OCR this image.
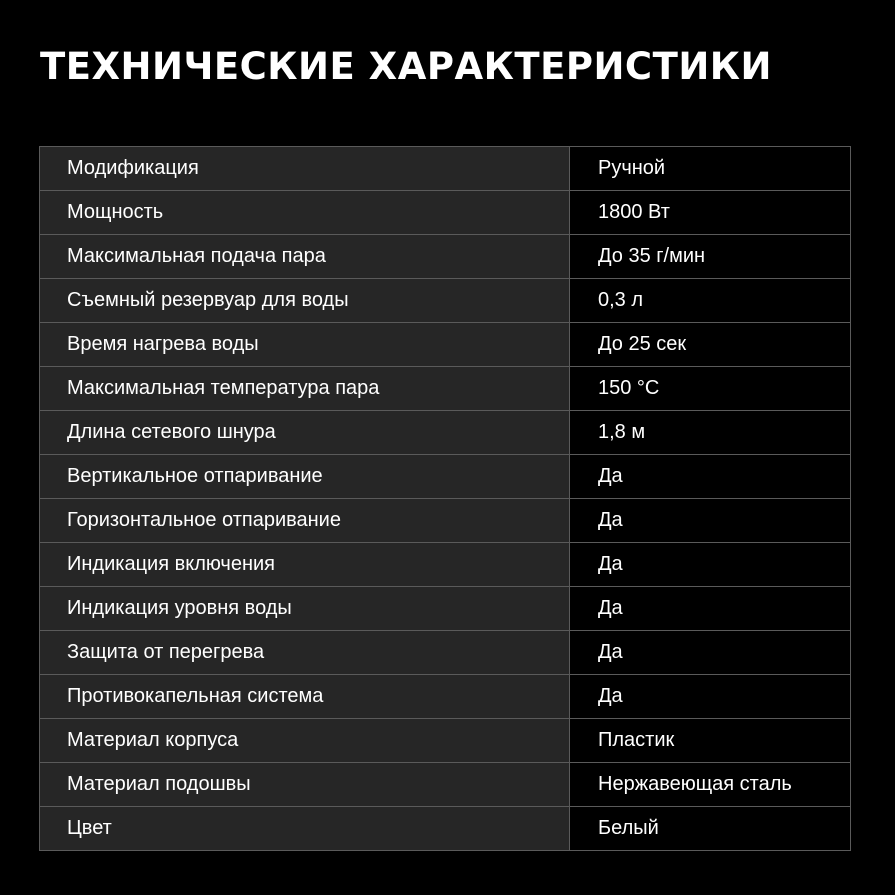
ТЕХНИЧЕСКИЕ ХАРАКТЕРИСТИКИ
Модификация	Ручной
Мощность	1800 Вт
Максимальная подача пара	До 35 г/мин
Съемный резервуар для воды	0,3 л
Время нагрева воды	До 25 сек
Максимальная температура пара	150 °C
Длина сетевого шнура	1,8 м
Вертикальное отпаривание	Да
Горизонтальное отпаривание	Да
Индикация включения	Да
Индикация уровня воды	Да
Защита от перегрева	Да
Противокапельная система	Да
Материал корпуса	Пластик
Материал подошвы	Нержавеющая сталь
Цвет	Белый
